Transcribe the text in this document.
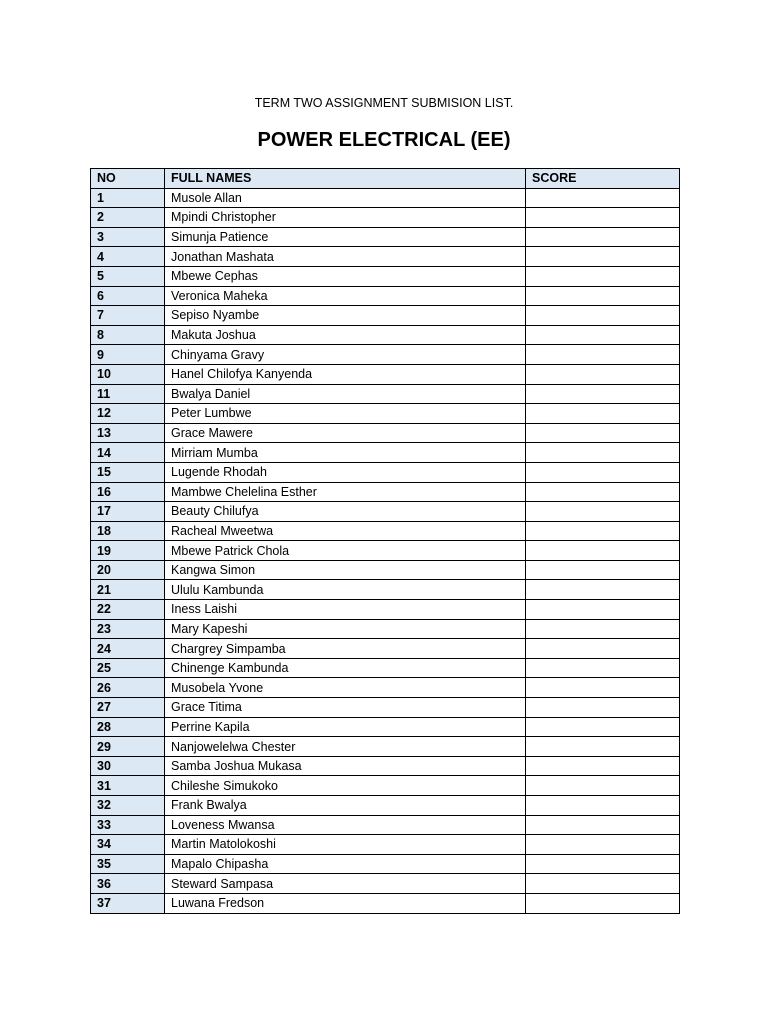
TERM TWO ASSIGNMENT SUBMISION LIST.
POWER ELECTRICAL (EE)
NO	FULL NAMES	SCORE
1	Musole Allan	
2	Mpindi Christopher	
3	Simunja Patience	
4	Jonathan Mashata	
5	Mbewe Cephas	
6	Veronica Maheka	
7	Sepiso Nyambe	
8	Makuta Joshua	
9	Chinyama Gravy	
10	Hanel Chilofya Kanyenda	
11	Bwalya Daniel	
12	Peter Lumbwe	
13	Grace Mawere	
14	Mirriam Mumba	
15	Lugende Rhodah	
16	Mambwe Chelelina Esther	
17	Beauty Chilufya	
18	Racheal Mweetwa	
19	Mbewe Patrick Chola	
20	Kangwa Simon	
21	Ululu Kambunda	
22	Iness Laishi	
23	Mary Kapeshi	
24	Chargrey Simpamba	
25	Chinenge Kambunda	
26	Musobela Yvone	
27	Grace Titima	
28	Perrine Kapila	
29	Nanjowelelwa Chester	
30	Samba Joshua Mukasa	
31	Chileshe Simukoko	
32	Frank Bwalya	
33	Loveness Mwansa	
34	Martin Matolokoshi	
35	Mapalo Chipasha	
36	Steward Sampasa	
37	Luwana Fredson	
